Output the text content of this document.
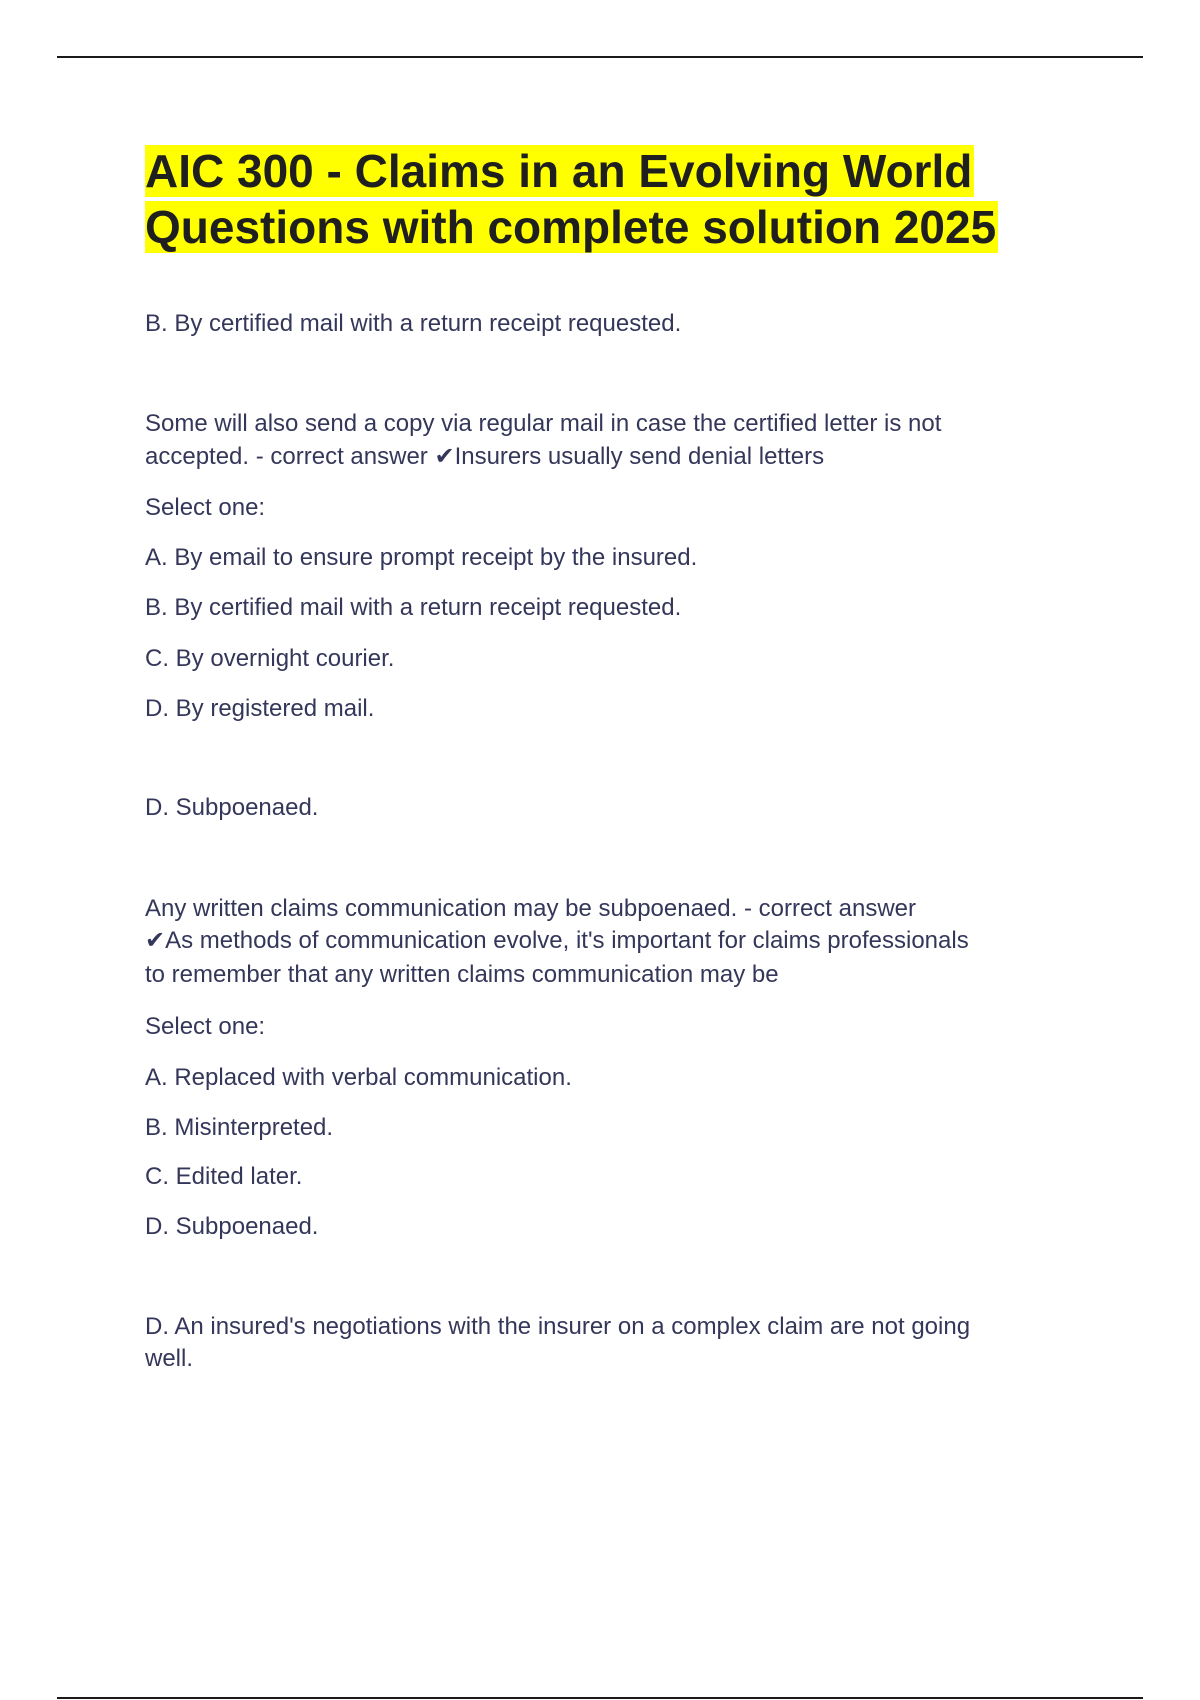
AIC 300 - Claims in an Evolving World
Questions with complete solution 2025
B. By certified mail with a return receipt requested.
Some will also send a copy via regular mail in case the certified letter is not
accepted. - correct answer ✔Insurers usually send denial letters
Select one:
A. By email to ensure prompt receipt by the insured.
B. By certified mail with a return receipt requested.
C. By overnight courier.
D. By registered mail.
D. Subpoenaed.
Any written claims communication may be subpoenaed. - correct answer
✔As methods of communication evolve, it's important for claims professionals
to remember that any written claims communication may be
Select one:
A. Replaced with verbal communication.
B. Misinterpreted.
C. Edited later.
D. Subpoenaed.
D. An insured's negotiations with the insurer on a complex claim are not going
well.
